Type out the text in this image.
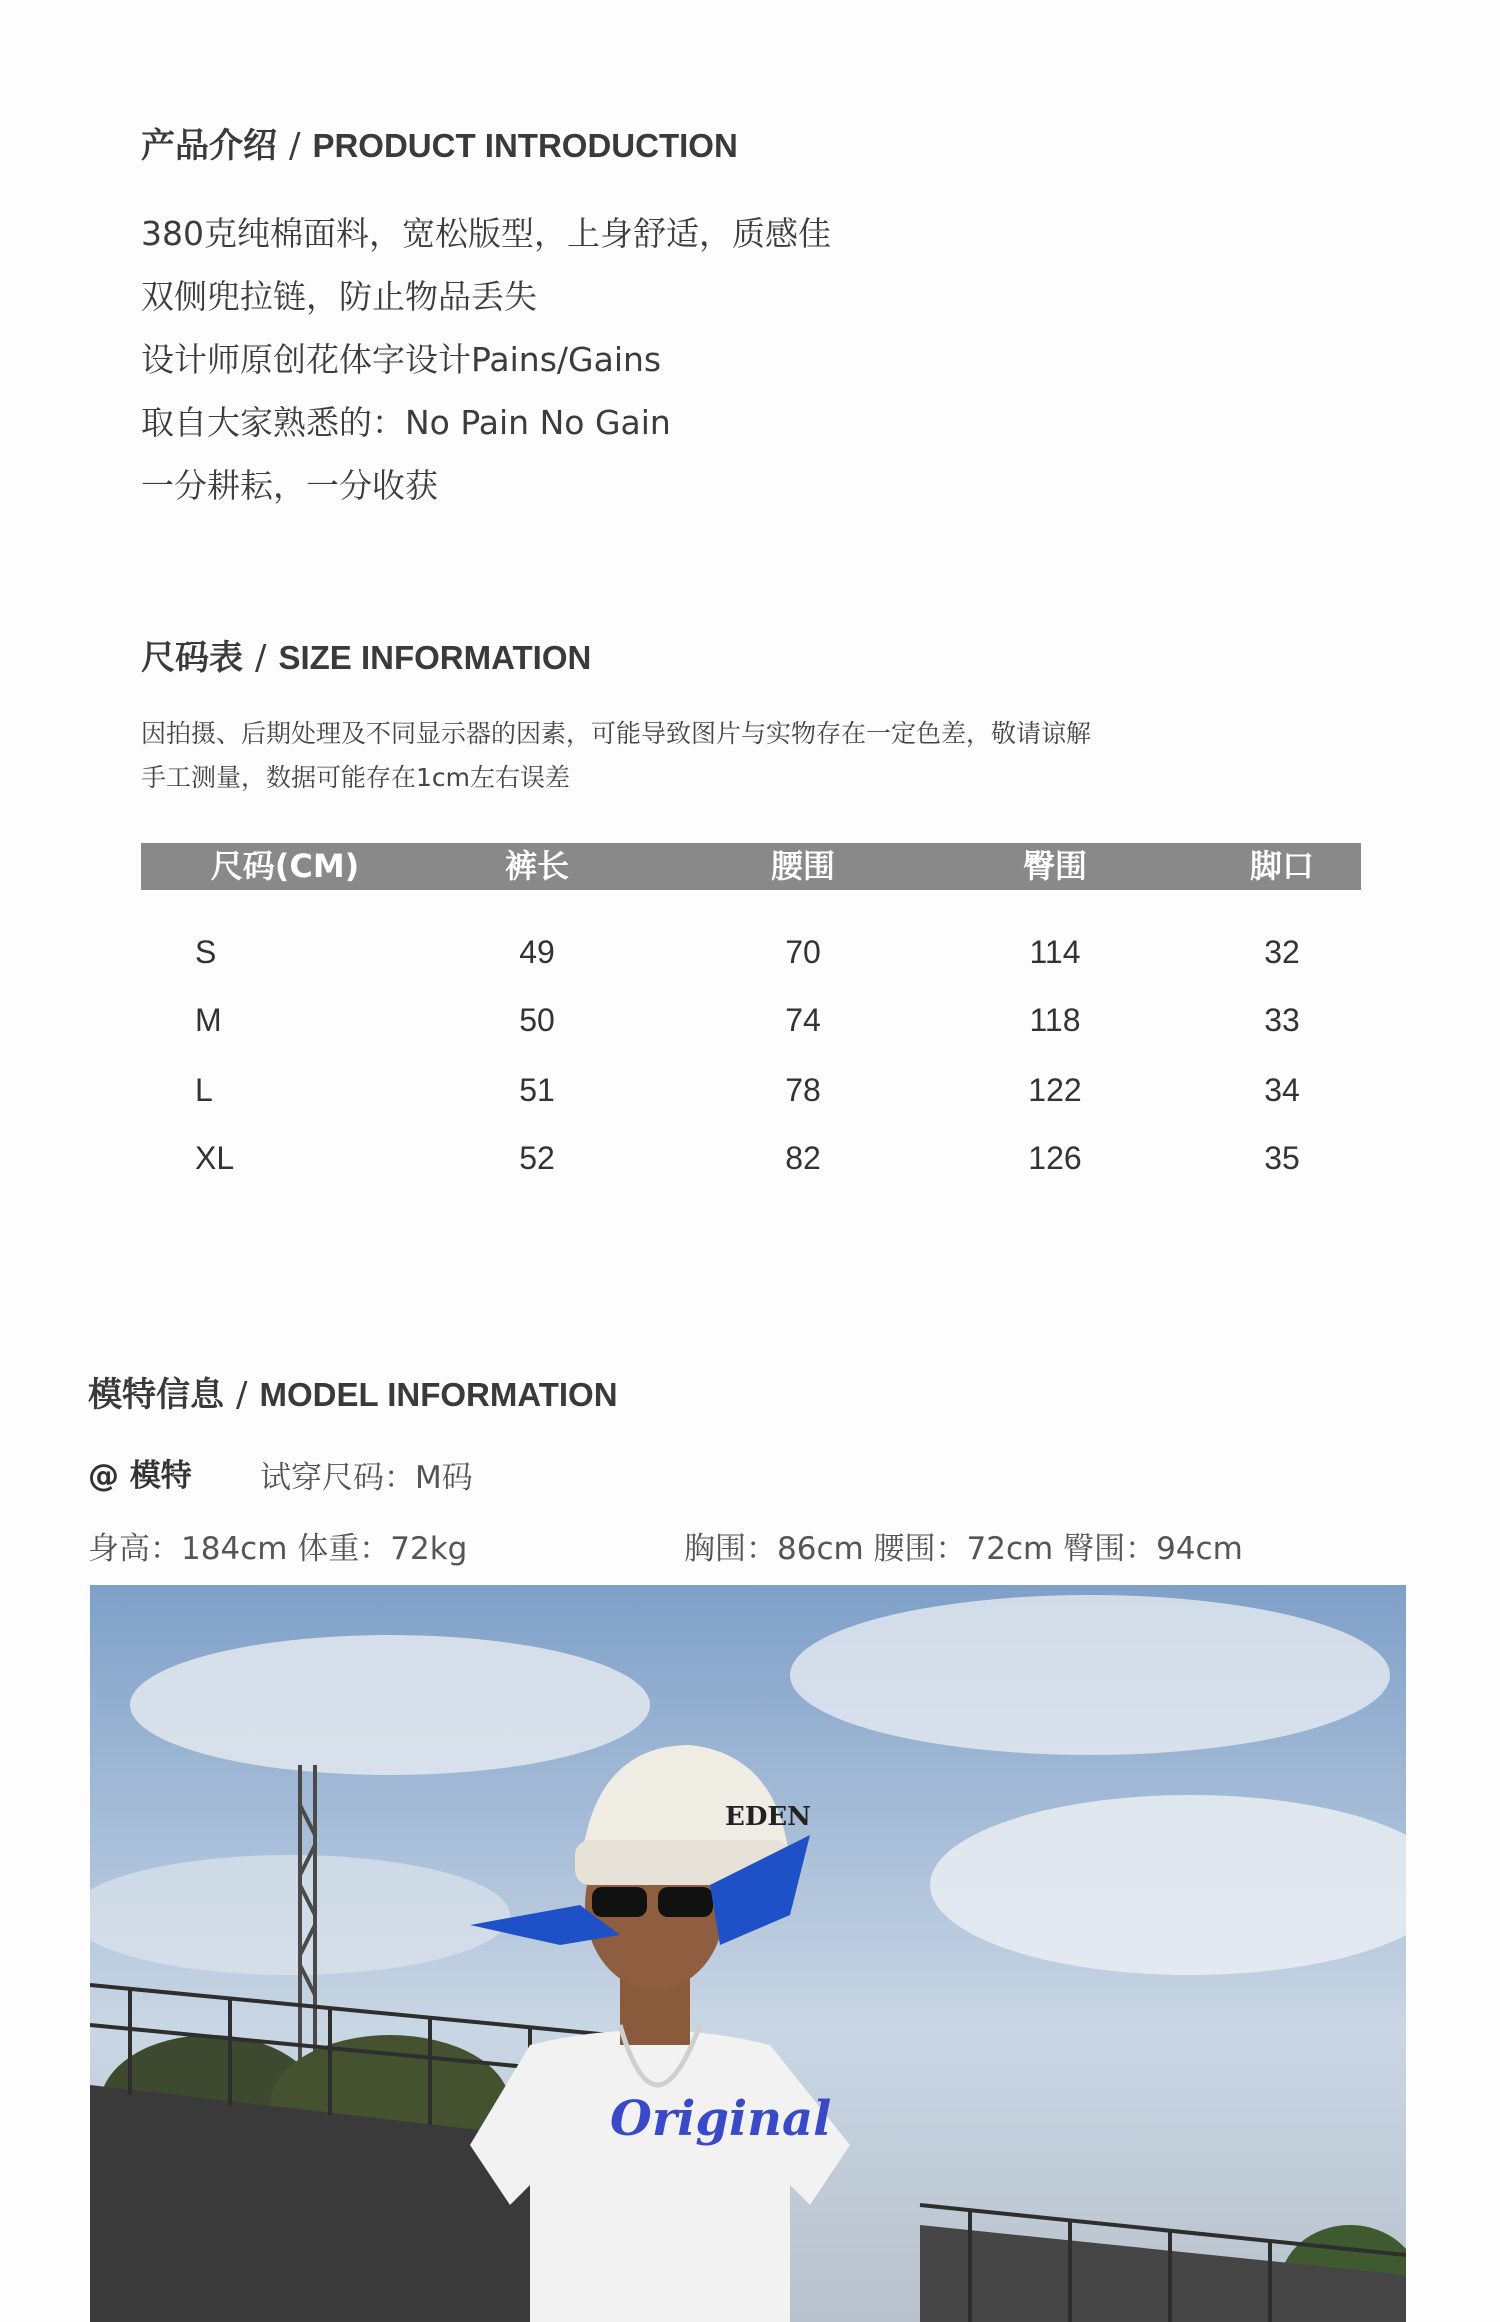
产品介绍 / PRODUCT INTRODUCTION
380克纯棉面料，宽松版型，上身舒适，质感佳
双侧兜拉链，防止物品丢失
设计师原创花体字设计Pains/Gains
取自大家熟悉的：No Pain No Gain
一分耕耘，一分收获
尺码表 / SIZE INFORMATION
因拍摄、后期处理及不同显示器的因素，可能导致图片与实物存在一定色差，敬请谅解
手工测量，数据可能存在1cm左右误差
尺码(CM)	裤长	腰围	臀围	脚口
S	49	70	114	32
M	50	74	118	33
L	51	78	122	34
XL	52	82	126	35
模特信息 / MODEL INFORMATION
@ 模特 试穿尺码：M码
身高：184cm 体重：72kg	胸围：86cm 腰围：72cm 臀围：94cm
Original
EDEN
